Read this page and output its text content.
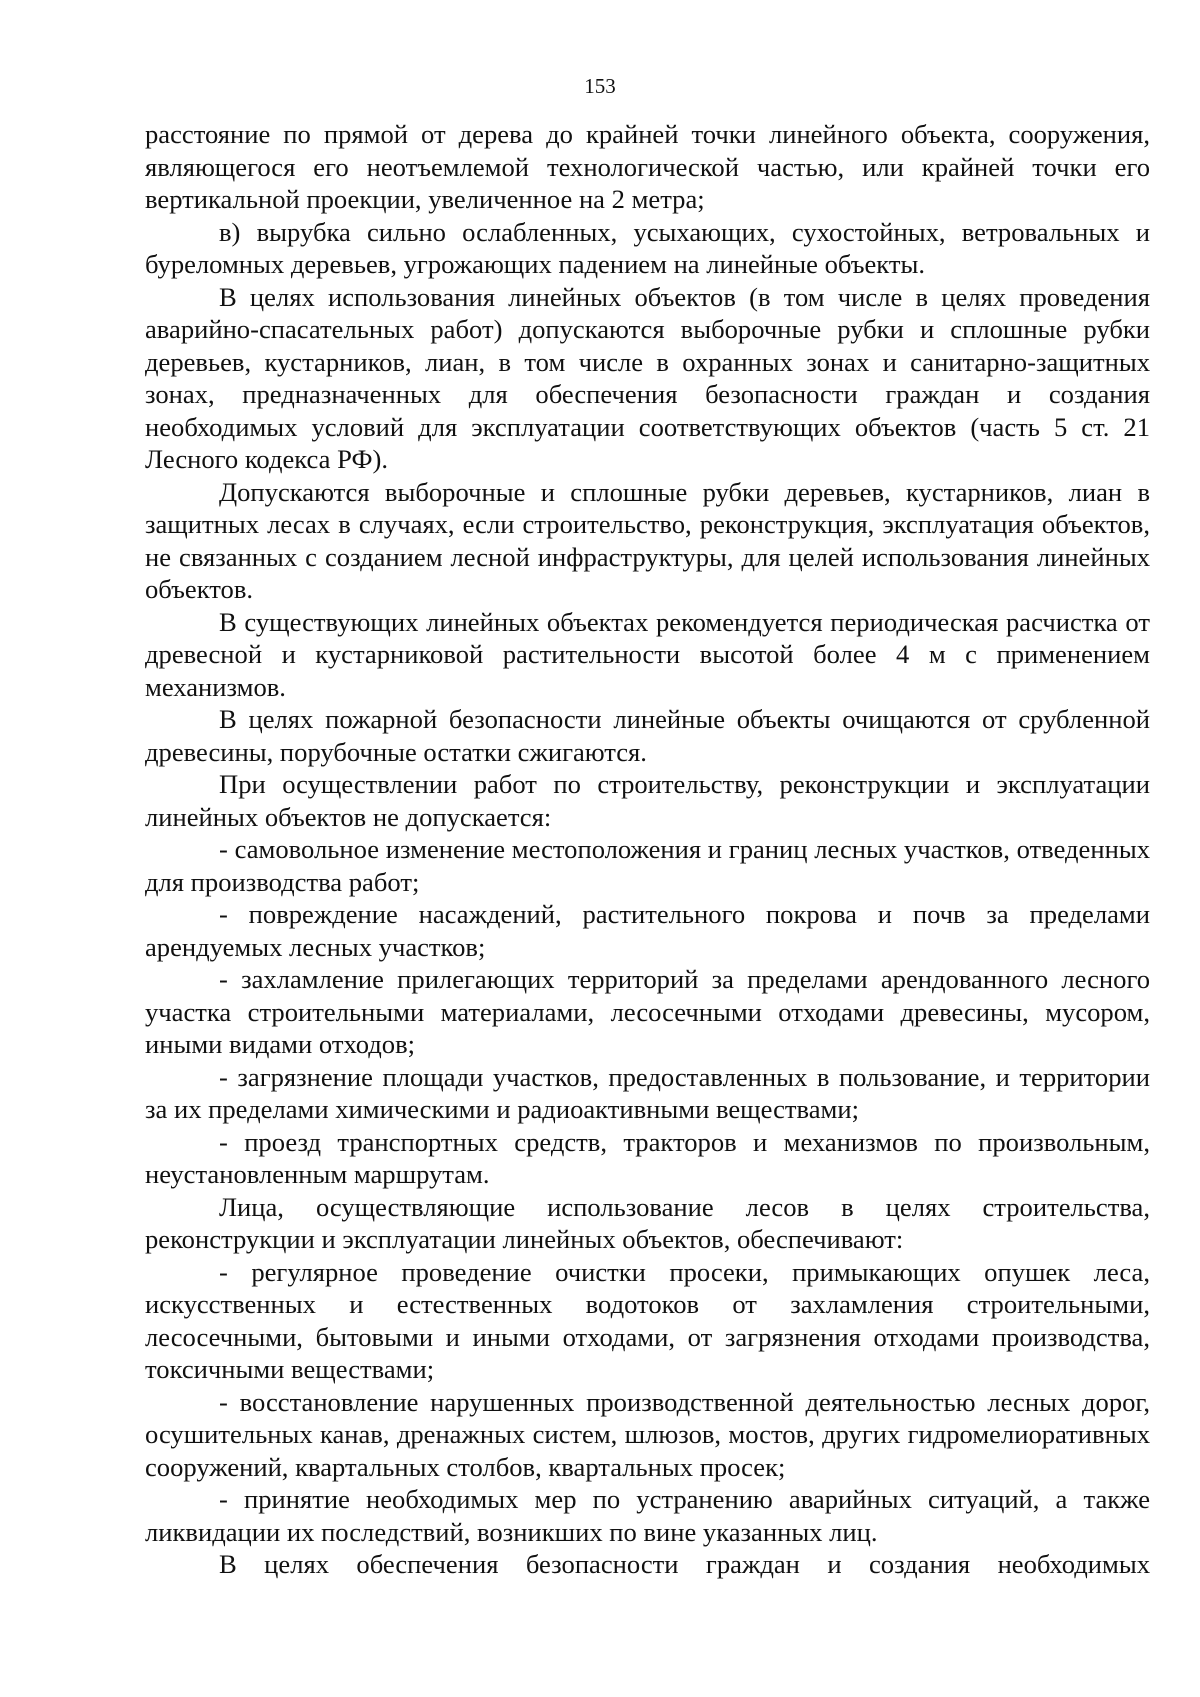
153

расстояние по прямой от дерева до крайней точки линейного объекта, сооружения, являющегося его неотъемлемой технологической частью, или крайней точки его вертикальной проекции, увеличенное на 2 метра;

в) вырубка сильно ослабленных, усыхающих, сухостойных, ветровальных и буреломных деревьев, угрожающих падением на линейные объекты.

В целях использования линейных объектов (в том числе в целях проведения аварийно-спасательных работ) допускаются выборочные рубки и сплошные рубки деревьев, кустарников, лиан, в том числе в охранных зонах и санитарно-защитных зонах, предназначенных для обеспечения безопасности граждан и создания необходимых условий для эксплуатации соответствующих объектов (часть 5 ст. 21 Лесного кодекса РФ).

Допускаются выборочные и сплошные рубки деревьев, кустарников, лиан в защитных лесах в случаях, если строительство, реконструкция, эксплуатация объектов, не связанных с созданием лесной инфраструктуры, для целей использования линейных объектов.

В существующих линейных объектах рекомендуется периодическая расчистка от древесной и кустарниковой растительности высотой более 4 м с применением механизмов.

В целях пожарной безопасности линейные объекты очищаются от срубленной древесины, порубочные остатки сжигаются.

При осуществлении работ по строительству, реконструкции и эксплуатации линейных объектов не допускается:

- самовольное изменение местоположения и границ лесных участков, отведенных для производства работ;

- повреждение насаждений, растительного покрова и почв за пределами арендуемых лесных участков;

- захламление прилегающих территорий за пределами арендованного лесного участка строительными материалами, лесосечными отходами древесины, мусором, иными видами отходов;

- загрязнение площади участков, предоставленных в пользование, и территории за их пределами химическими и радиоактивными веществами;

- проезд транспортных средств, тракторов и механизмов по произвольным, неустановленным маршрутам.

Лица, осуществляющие использование лесов в целях строительства, реконструкции и эксплуатации линейных объектов, обеспечивают:

- регулярное проведение очистки просеки, примыкающих опушек леса, искусственных и естественных водотоков от захламления строительными, лесосечными, бытовыми и иными отходами, от загрязнения отходами производства, токсичными веществами;

- восстановление нарушенных производственной деятельностью лесных дорог, осушительных канав, дренажных систем, шлюзов, мостов, других гидромелиоративных сооружений, квартальных столбов, квартальных просек;

- принятие необходимых мер по устранению аварийных ситуаций, а также ликвидации их последствий, возникших по вине указанных лиц.

В целях обеспечения безопасности граждан и создания необходимых
